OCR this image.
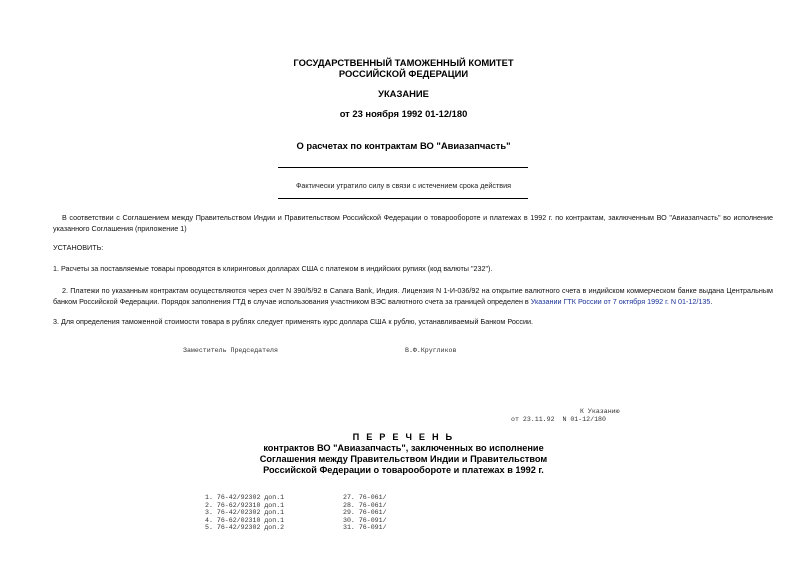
ГОСУДАРСТВЕННЫЙ ТАМОЖЕННЫЙ КОМИТЕТ
РОССИЙСКОЙ ФЕДЕРАЦИИ
УКАЗАНИЕ
от 23 ноября 1992 01-12/180
О расчетах по контрактам ВО "Авиазапчасть"
Фактически утратило силу в связи с истечением срока действия
В соответствии с Соглашением между Правительством Индии и Правительством Российской Федерации о товарообороте и платежах в 1992 г. по контрактам, заключенным ВО "Авиазапчасть" во исполнение указанного Соглашения (приложение 1)
УСТАНОВИТЬ:
1. Расчеты за поставляемые товары проводятся в клиринговых долларах США с платежом в индийских рупиях (код валюты "232").
2. Платежи по указанным контрактам осуществляются через счет N 390/5/92 в Canara Bank, Индия. Лицензия N 1-И-036/92 на открытие валютного счета в индийском коммерческом банке выдана Центральным банком Российской Федерации. Порядок заполнения ГТД в случае использования участником ВЭС валютного счета за границей определен в Указании ГТК России от 7 октября 1992 г. N 01-12/135.
3. Для определения таможенной стоимости товара в рублях следует применять курс доллара США к рублю, устанавливаемый Банком России.
Заместитель Председателя	В.Ф.Кругликов
К Указанию
от 23.11.92  N 01-12/180
П Е Р Е Ч Е Н Ь
контрактов ВО "Авиазапчасть", заключенных во исполнение
Соглашения между Правительством Индии и Правительством
Российской Федерации о товарообороте и платежах в 1992 г.
1. 76-42/92302 доп.1
2. 76-62/92310 доп.1
3. 76-42/02302 доп.1
4. 76-62/02310 доп.1
5. 76-42/92302 доп.2
27. 76-061/
28. 76-061/
29. 76-061/
30. 76-091/
31. 76-091/
